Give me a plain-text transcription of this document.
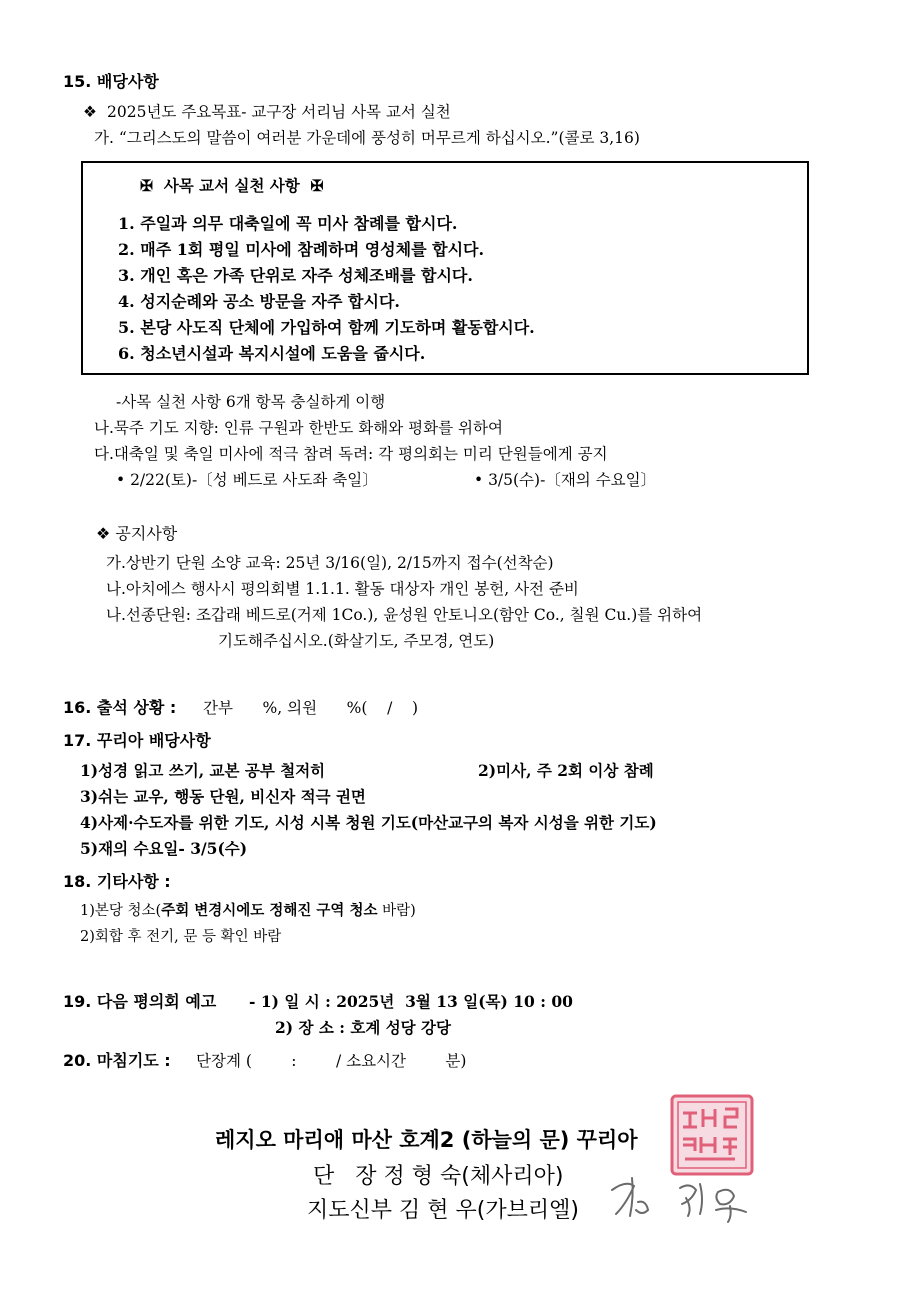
15. 배당사항
❖ 2025년도 주요목표- 교구장 서리님 사목 교서 실천
가. “그리스도의 말씀이 여러분 가운데에 풍성히 머무르게 하십시오.”(콜로 3,16)
✠  사목 교서 실천 사항  ✠
1. 주일과 의무 대축일에 꼭 미사 참례를 합시다.
2. 매주 1회 평일 미사에 참례하며 영성체를 합시다.
3. 개인 혹은 가족 단위로 자주 성체조배를 합시다.
4. 성지순례와 공소 방문을 자주 합시다.
5. 본당 사도직 단체에 가입하여 함께 기도하며 활동합시다.
6. 청소년시설과 복지시설에 도움을 줍시다.
-사목 실천 사항 6개 항목 충실하게 이행
나.묵주 기도 지향: 인류 구원과 한반도 화해와 평화를 위하여
다.대축일 및 축일 미사에 적극 참려 독려: 각 평의회는 미리 단원들에게 공지
• 2/22(토)-〔성 베드로 사도좌 축일〕	• 3/5(수)-〔재의 수요일〕
❖ 공지사항
가.상반기 단원 소양 교육: 25년 3/16(일), 2/15까지 접수(선착순)
나.아치에스 행사시 평의회별 1.1.1. 활동 대상자 개인 봉헌, 사전 준비
나.선종단원: 조갑래 베드로(거제 1Co.), 윤성원 안토니오(함안 Co., 칠원 Cu.)를 위하여
기도해주십시오.(화살기도, 주모경, 연도)
16. 출석 상황 : 간부      %, 의원      %(    /    )
17. 꾸리아 배당사항
1)성경 읽고 쓰기, 교본 공부 철저히	2)미사, 주 2회 이상 참례
3)쉬는 교우, 행동 단원, 비신자 적극 권면
4)사제·수도자를 위한 기도, 시성 시복 청원 기도(마산교구의 복자 시성을 위한 기도)
5)재의 수요일- 3/5(수)
18. 기타사항 :
1)본당 청소(주회 변경시에도 정해진 구역 청소 바람)
2)회합 후 전기, 문 등 확인 바람
19. 다음 평의회 예고 - 1) 일 시 : 2025년  3월 13 일(목) 10 : 00
2) 장 소 : 호계 성당 강당
20. 마침기도 : 단장계 (        :        / 소요시간        분)
레지오 마리애 마산 호계2 (하늘의 문) 꾸리아
단   장 정 형 숙(체사리아)
지도신부 김 현 우(가브리엘)
